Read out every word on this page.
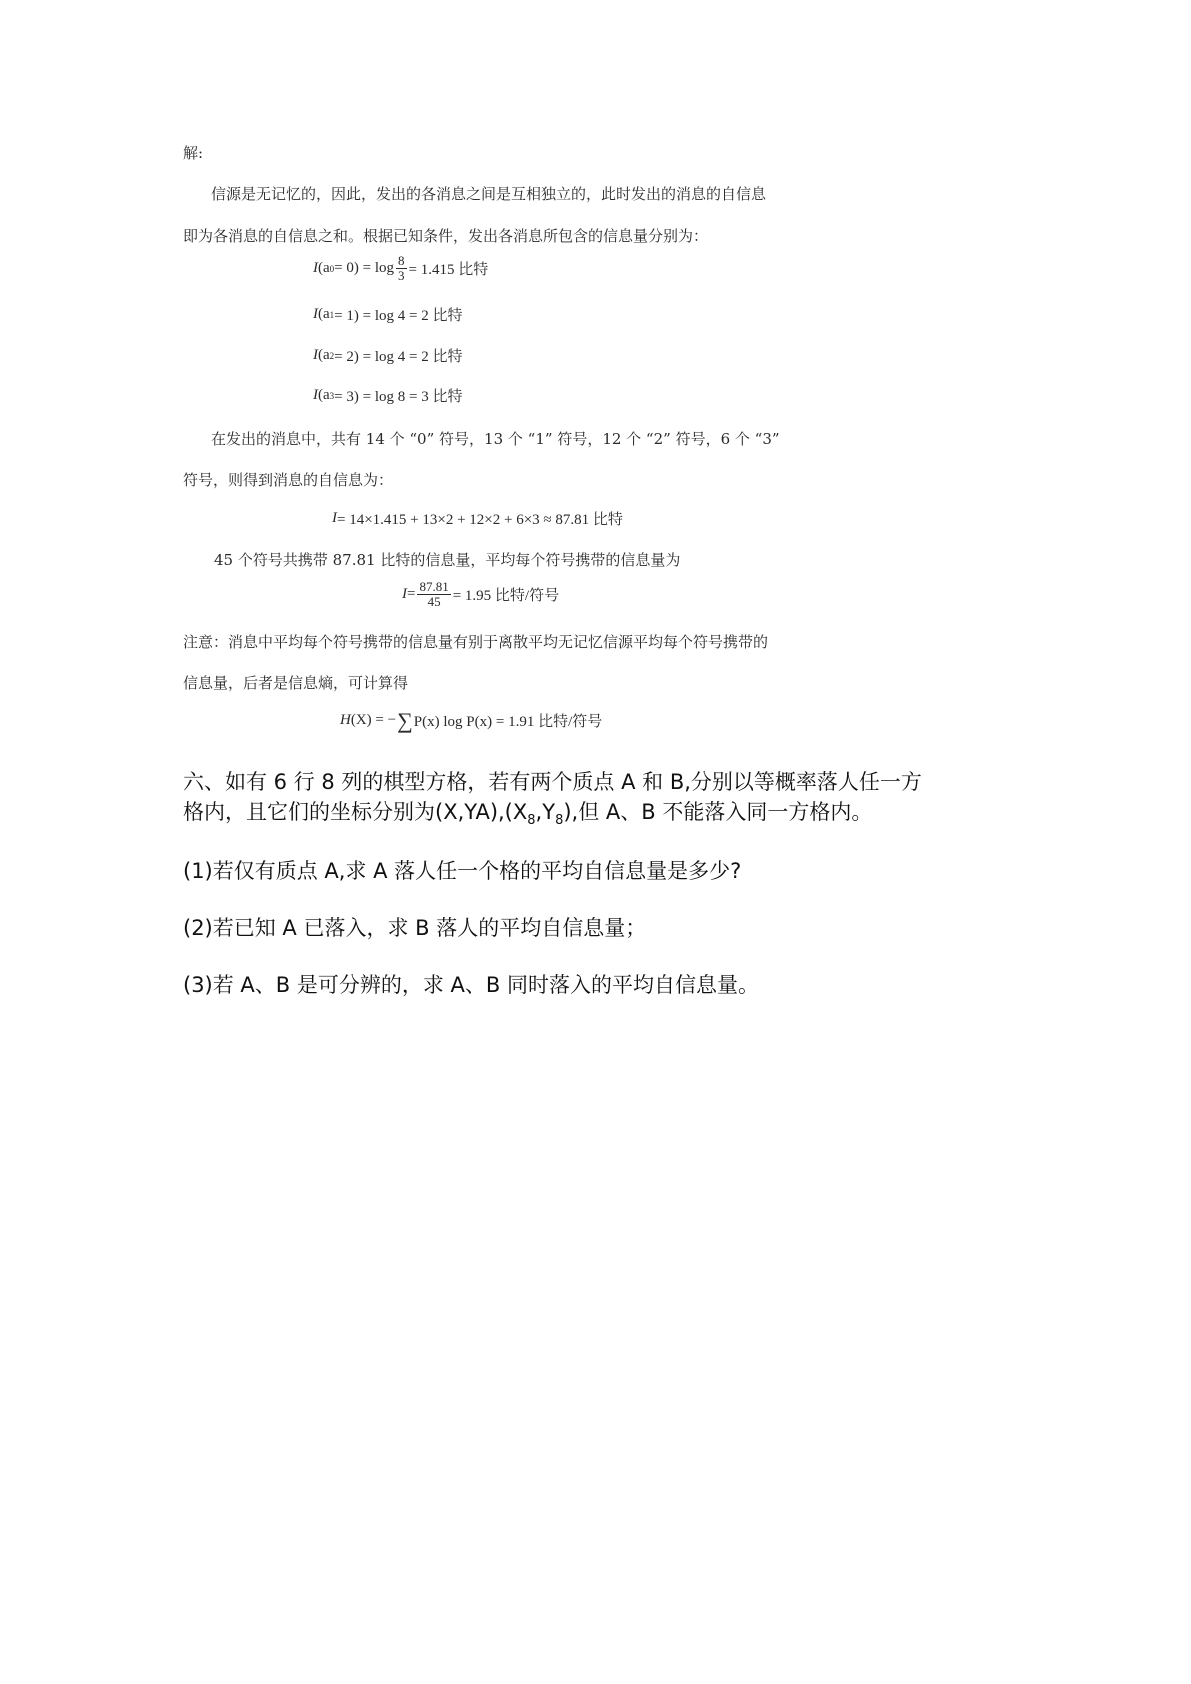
解:
信源是无记忆的，因此，发出的各消息之间是互相独立的，此时发出的消息的自信息
即为各消息的自信息之和。根据已知条件，发出各消息所包含的信息量分别为：
I (a $0 = 0) = \log \frac{8}{3} = 1.415$ 比特
I (a 1 = 1) = log 4 = 2 比特
I (a 2 = 2) = log 4 = 2 比特
I (a 3 = 3) = log 8 = 3 比特
在发出的消息中，共有 14 个 “0” 符号，13 个 “1” 符号，12 个 “2” 符号，6 个 “3”
符号，则得到消息的自信息为：
I = 14×1.415 + 13×2 + 12×2 + 6×3 ≈ 87.81 比特
45 个符号共携带 87.81 比特的信息量，平均每个符号携带的信息量为
$I = \frac{87.81}{45} = 1.95$ 比特/符号
注意：消息中平均每个符号携带的信息量有别于离散平均无记忆信源平均每个符号携带的
信息量，后者是信息熵，可计算得
H (X) = − ∑ P(x) log P(x) = 1.91 比特/符号
六、如有 6 行 8 列的棋型方格，若有两个质点 A 和 B,分别以等概率落人任一方
格内，且它们的坐标分别为$(X,YA),(X_8,Y_8)$,但 A、B 不能落入同一方格内。
(1)若仅有质点 A,求 A 落人任一个格的平均自信息量是多少?
(2)若已知 A 已落入，求 B 落人的平均自信息量；
(3)若 A、B 是可分辨的，求 A、B 同时落入的平均自信息量。
